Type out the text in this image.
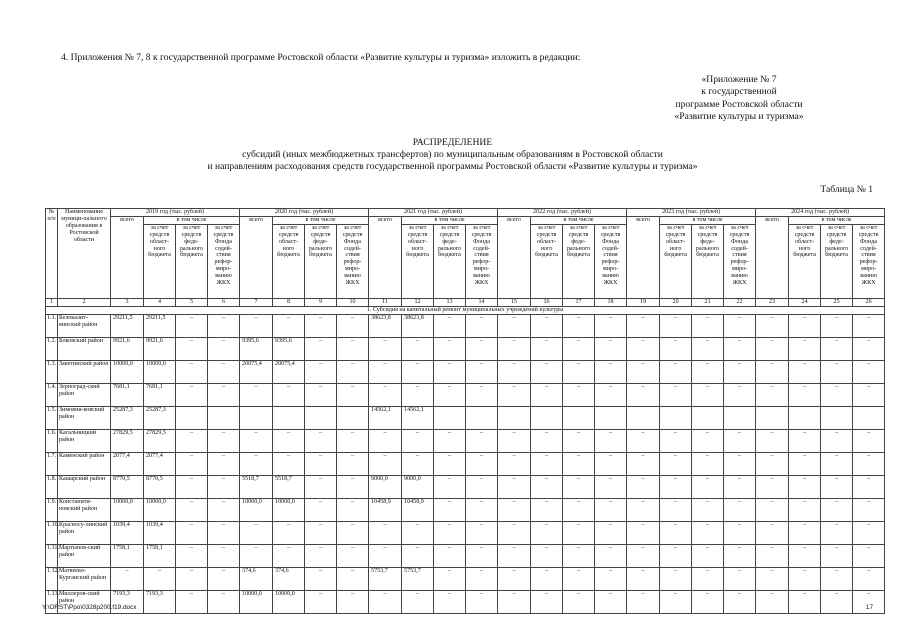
4. Приложения № 7, 8 к государственной программе Ростовской области «Развитие культуры и туризма» изложить в редакции:
«Приложение № 7
к государственной
программе Ростовской области
«Развитие культуры и туризма»
РАСПРЕДЕЛЕНИЕ
субсидий (иных межбюджетных трансфертов) по муниципальным образованиям в Ростовской области
и направлениям расходования средств государственной программы Ростовской области «Развитие культуры и туризма»
Таблица № 1
№ п/п	Наименование муници-пального образования в Ростовской области	2019 год (тыс. рублей)				2020 год (тыс. рублей)				2021 год (тыс. рублей)				2022 год (тыс. рублей)				2023 год (тыс. рублей)				2024 год (тыс. рублей)			
		всего	в том числе			всего	в том числе			всего	в том числе			всего	в том числе			всего	в том числе			всего	в том числе		
			за счет средств област-ного бюджета	за счет средств феде-рального бюджета	за счет средств Фонда содей-ствия рефор-миро-ванию ЖКХ		за счет средств област-ного бюджета	за счет средств феде-рального бюджета	за счет средств Фонда содей-ствия рефор-миро-ванию ЖКХ		за счет средств област-ного бюджета	за счет средств феде-рального бюджета	за счет средств Фонда содей-ствия рефор-миро-ванию ЖКХ		за счет средств област-ного бюджета	за счет средств феде-рального бюджета	за счет средств Фонда содей-ствия рефор-миро-ванию ЖКХ		за счет средств област-ного бюджета	за счет средств феде-рального бюджета	за счет средств Фонда содей-ствия рефор-миро-ванию ЖКХ		за счет средств област-ного бюджета	за счет средств феде-рального бюджета	за счет средств Фонда содей-ствия рефор-миро-ванию ЖКХ
1	2	3	4	5	6	7	8	9	10	11	12	13	14	15	16	17	18	19	20	21	22	23	24	25	26
1. Субсидия на капитальный ремонт муниципальных учреждений культуры																									
1.1.	Белокалит-винский район	29211,5	29211,5	–	–	–	–	–	–	38623,8	38623,8	–	–	–	–	–	–	–	–	–	–	–	–	–	–
1.2.	Боковский район	9921,6	9921,6	–	–	9395,6	9395,6	–	–	–	–	–	–	–	–	–	–	–	–	–	–	–	–	–	–
1.3.	Заветинский район	10000,0	10000,0	–	–	20075,4	20075,4	–	–	–	–	–	–	–	–	–	–	–	–	–	–	–	–	–	–
1.4.	Зерноград-ский район	7681,1	7681,1	–	–	–	–	–	–	–	–	–	–	–	–	–	–	–	–	–	–	–	–	–	–
1.5.	Зимовни-ковский район	25287,3	25287,3							14562,1	14562,1														
1.6.	Кагальницкий район	27829,5	27829,5	–	–	–	–	–	–	–	–	–	–	–	–	–	–	–	–	–	–	–	–	–	–
1.7.	Каменский район	2077,4	2077,4	–	–	–	–	–	–	–	–	–	–	–	–	–	–	–	–	–	–	–	–	–	–
1.8.	Кашарский район	8770,5	8770,5	–	–	5518,7	5518,7	–	–	9000,0	9000,0	–	–	–	–	–	–	–	–	–	–	–	–	–	–
1.9.	Констанити-новский район	10000,0	10000,0	–	–	10000,0	10000,0	–	–	10458,9	10458,9	–	–	–	–	–	–	–	–	–	–	–	–	–	–
1.10.	Красносу-линский район	1039,4	1039,4	–	–	–	–	–	–	–	–	–	–	–	–	–	–	–	–	–	–	–	–	–	–
1.11.	Мартынов-ский район	1758,1	1758,1	–	–	–	–	–	–	–	–	–	–	–	–	–	–	–	–	–	–	–	–	–	–
1.12.	Матвеево-Курганский район	–	–	–	–	374,6	374,6	–	–	5753,7	5753,7	–	–	–	–	–	–	–	–	–	–	–	–	–	–
1.13.	Миллеров-ский район	7193,3	7193,3	–	–	10000,0	10000,0	–	–	–	–	–	–	–	–	–	–	–	–	–	–	–	–	–	–
Y:\ORST\Ppo\0328p200.f19.docx	17
